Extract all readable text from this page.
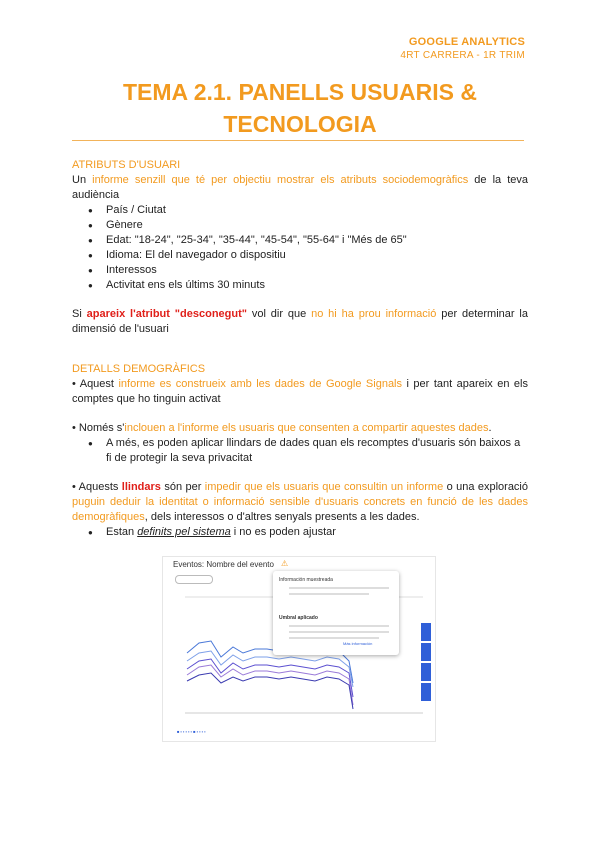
GOOGLE ANALYTICS
4RT CARRERA - 1R TRIM
TEMA 2.1. PANELLS USUARIS & TECNOLOGIA
ATRIBUTS D'USUARI
Un informe senzill que té per objectiu mostrar els atributs sociodemogràfics de la teva audiència
● País / Ciutat
● Gènere
● Edat: "18-24", "25-34", "35-44", "45-54", "55-64" i "Més de 65"
● Idioma: El del navegador o dispositiu
● Interessos
● Activitat ens els últims 30 minuts
Si apareix l'atribut "desconegut" vol dir que no hi ha prou informació per determinar la dimensió de l'usuari
DETALLS DEMOGRÀFICS
• Aquest informe es construeix amb les dades de Google Signals i per tant apareix en els comptes que ho tinguin activat
• Només s'inclouen a l'informe els usuaris que consenten a compartir aquestes dades.
● A més, es poden aplicar llindars de dades quan els recomptes d'usuaris són baixos a fi de protegir la seva privacitat
• Aquests llindars són per impedir que els usuaris que consultin un informe o una exploració puguin deduir la identitat o informació sensible d'usuaris concrets en funció de les dades demogràfiques, dels interessos o d'altres senyals presents a les dades.
● Estan definits pel sistema i no es poden ajustar
Eventos: Nombre del evento ⚠
Información muestreada
Umbral aplicado
Más información
■ ▪ ▪ ▪ ▪ ▪ ■ ▪ ▪ ▪ ▪
